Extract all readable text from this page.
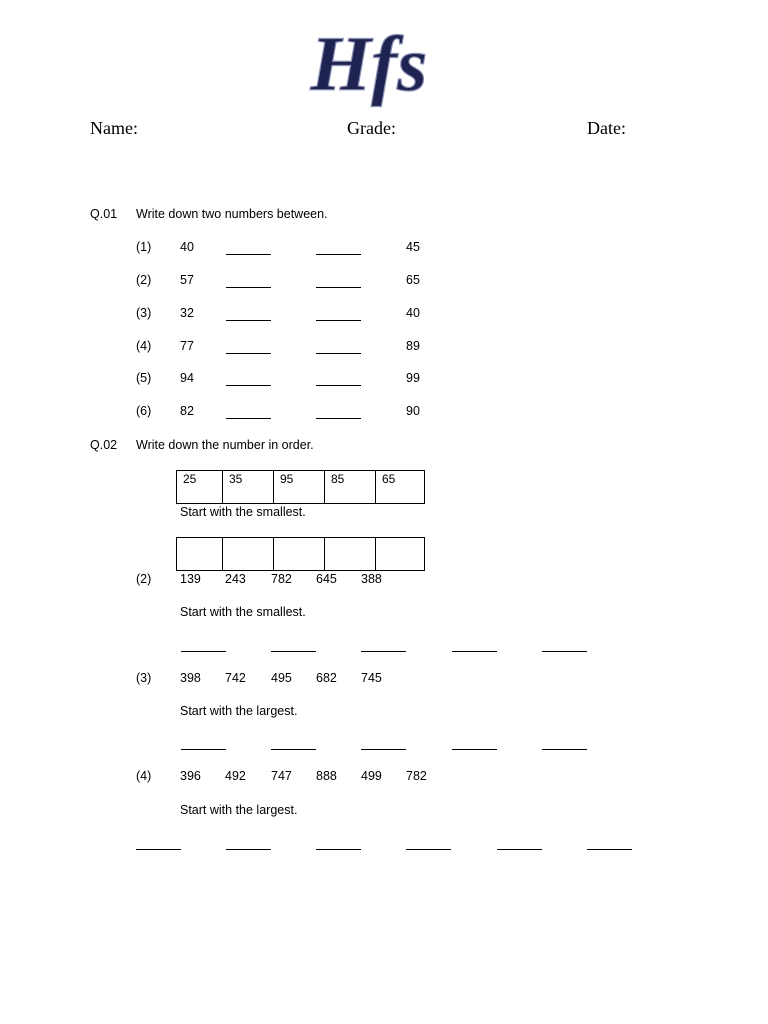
Hfs
Name:	Grade:	Date:
Q.01 Write down two numbers between.
(1) 40	45
(2) 57	65
(3) 32	40
(4) 77	89
(5) 94	99
(6) 82	90
Q.02 Write down the number in order.
25	35	95	85	65
Start with the smallest.
(2) 139 243 782 645 388
Start with the smallest.
(3) 398 742 495 682 745
Start with the largest.
(4) 396 492 747 888 499 782
Start with the largest.
